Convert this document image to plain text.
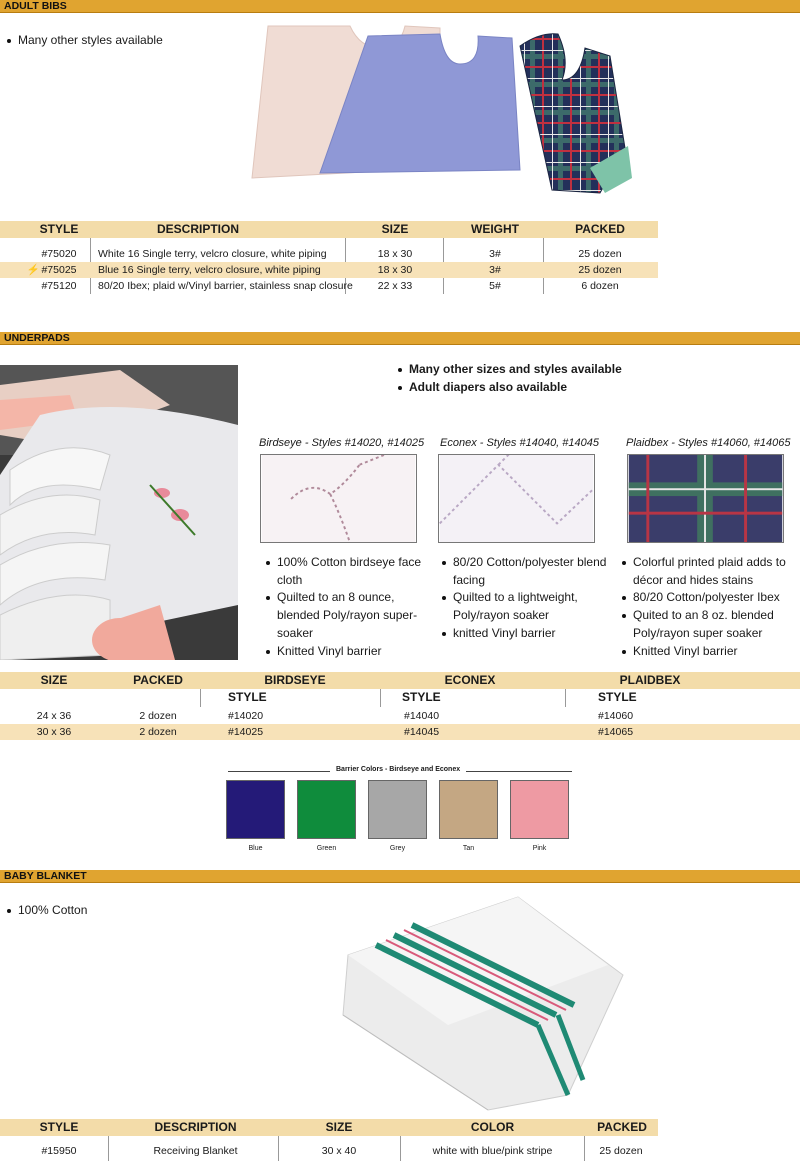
ADULT BIBS
Many other styles available
STYLE	DESCRIPTION	SIZE	WEIGHT	PACKED
#75020	White 16 Single terry, velcro closure, white piping	18 x 30	3#	25 dozen
⚡ #75025	Blue 16 Single terry, velcro closure, white piping	18 x 30	3#	25 dozen
#75120	80/20 Ibex; plaid w/Vinyl barrier, stainless snap closure	22 x 33	5#	6 dozen
UNDERPADS
Many other sizes and styles available
Adult diapers also available
Birdseye - Styles #14020, #14025 Econex - Styles #14040, #14045 Plaidbex - Styles #14060, #14065
100% Cotton birdseye face cloth
Quilted to an 8 ounce, blended Poly/rayon super-soaker
Knitted Vinyl barrier
80/20 Cotton/polyester blend facing
Quilted to a lightweight, Poly/rayon soaker
knitted Vinyl barrier
Colorful printed plaid adds to décor and hides stains
80/20 Cotton/polyester Ibex
Quited to an 8 oz. blended Poly/rayon super soaker
Knitted Vinyl barrier
SIZE	PACKED	BIRDSEYE	ECONEX	PLAIDBEX
STYLE	STYLE	STYLE
24 x 36	2 dozen	#14020	#14040	#14060
30 x 36	2 dozen	#14025	#14045	#14065
Barrier Colors - Birdseye and Econex
Blue	Green	Grey	Tan	Pink
BABY BLANKET
100% Cotton
STYLE	DESCRIPTION	SIZE	COLOR	PACKED
#15950	Receiving Blanket	30 x 40	white with blue/pink stripe	25 dozen
